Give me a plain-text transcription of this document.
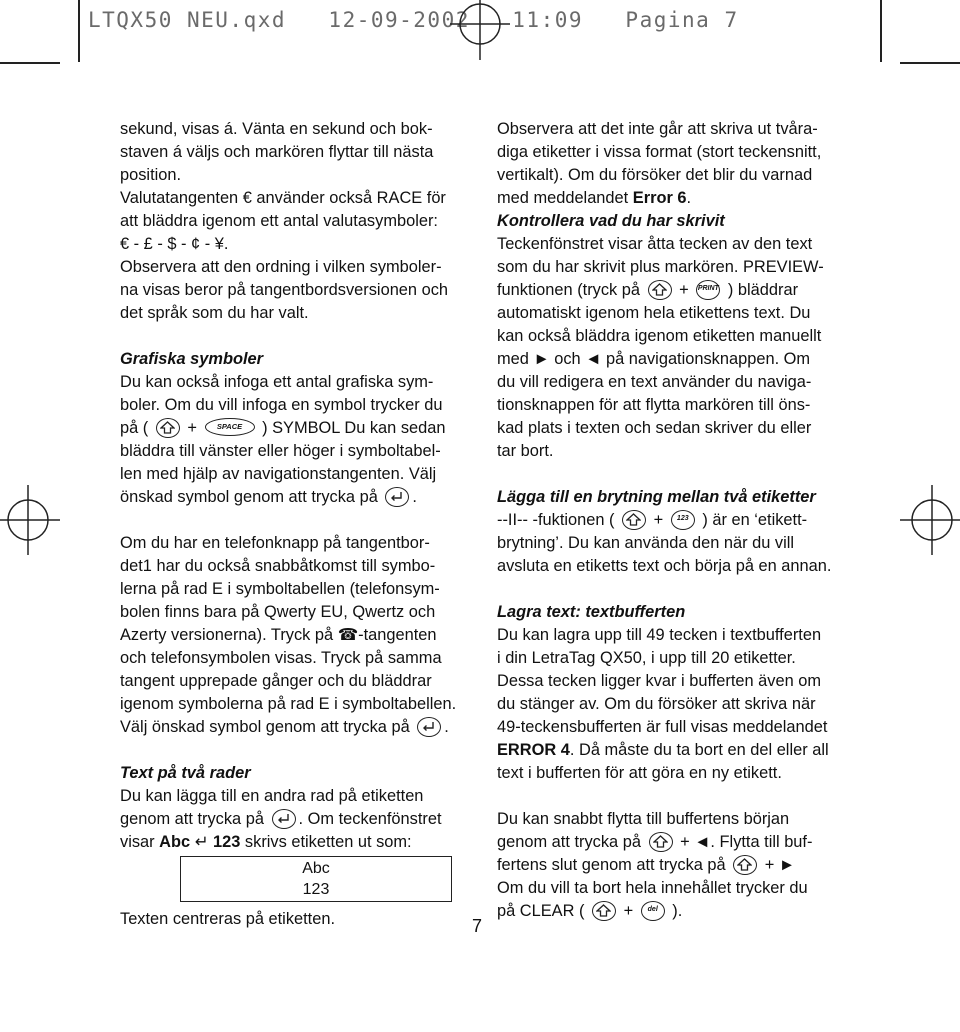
LTQX50 NEU.qxd   12-09-2002   11:09   Pagina 7
sekund, visas á. Vänta en sekund och bok-
staven á väljs och markören flyttar till nästa
position.
Valutatangenten € använder också RACE för
att bläddra igenom ett antal valutasymboler:
€ - £ - $ - ¢ - ¥.
Observera att den ordning i vilken symboler-
na visas beror på tangentbordsversionen och
det språk som du har valt.
Grafiska symboler
Du kan också infoga ett antal grafiska sym-
boler. Om du vill infoga en symbol trycker du
på ( +	SPACE ) SYMBOL Du kan sedan
bläddra till vänster eller höger i symboltabel-
len med hjälp av navigationstangenten. Välj
önskad symbol genom att trycka på .
Om du har en telefonknapp på tangentbor-
det1 har du också snabbåtkomst till symbo-
lerna på rad E i symboltabellen (telefonsym-
bolen finns bara på Qwerty EU, Qwertz och
Azerty versionerna). Tryck på ☎-tangenten
och telefonsymbolen visas. Tryck på samma
tangent upprepade gånger och du bläddrar
igenom symbolerna på rad E i symboltabellen.
Välj önskad symbol genom att trycka på .
Text på två rader
Du kan lägga till en andra rad på etiketten
genom att trycka på . Om teckenfönstret
visar Abc ↵ 123 skrivs etiketten ut som:
Abc
123
Texten centreras på etiketten.
Observera att det inte går att skriva ut tvåra-
diga etiketter i vissa format (stort teckensnitt,
vertikalt). Om du försöker det blir du varnad
med meddelandet Error 6.
Kontrollera vad du har skrivit
Teckenfönstret visar åtta tecken av den text
som du har skrivit plus markören. PREVIEW-
funktionen (tryck på + PRINT ) bläddrar
automatiskt igenom hela etikettens text. Du
kan också bläddra igenom etiketten manuellt
med ► och ◄ på navigationsknappen. Om
du vill redigera en text använder du naviga-
tionsknappen för att flytta markören till öns-
kad plats i texten och sedan skriver du eller
tar bort.
Lägga till en brytning mellan två etiketter
--II-- -fuktionen ( + 123 ) är en ‘etikett-
brytning’. Du kan använda den när du vill
avsluta en etiketts text och börja på en annan.
Lagra text: textbufferten
Du kan lagra upp till 49 tecken i textbufferten
i din LetraTag QX50, i upp till 20 etiketter.
Dessa tecken ligger kvar i bufferten även om
du stänger av. Om du försöker att skriva när
49-teckensbufferten är full visas meddelandet
ERROR 4. Då måste du ta bort en del eller all
text i bufferten för att göra en ny etikett.
Du kan snabbt flytta till buffertens början
genom att trycka på + ◄. Flytta till buf-
fertens slut genom att trycka på + ►
Om du vill ta bort hela innehållet trycker du
på CLEAR ( + del ).
7
